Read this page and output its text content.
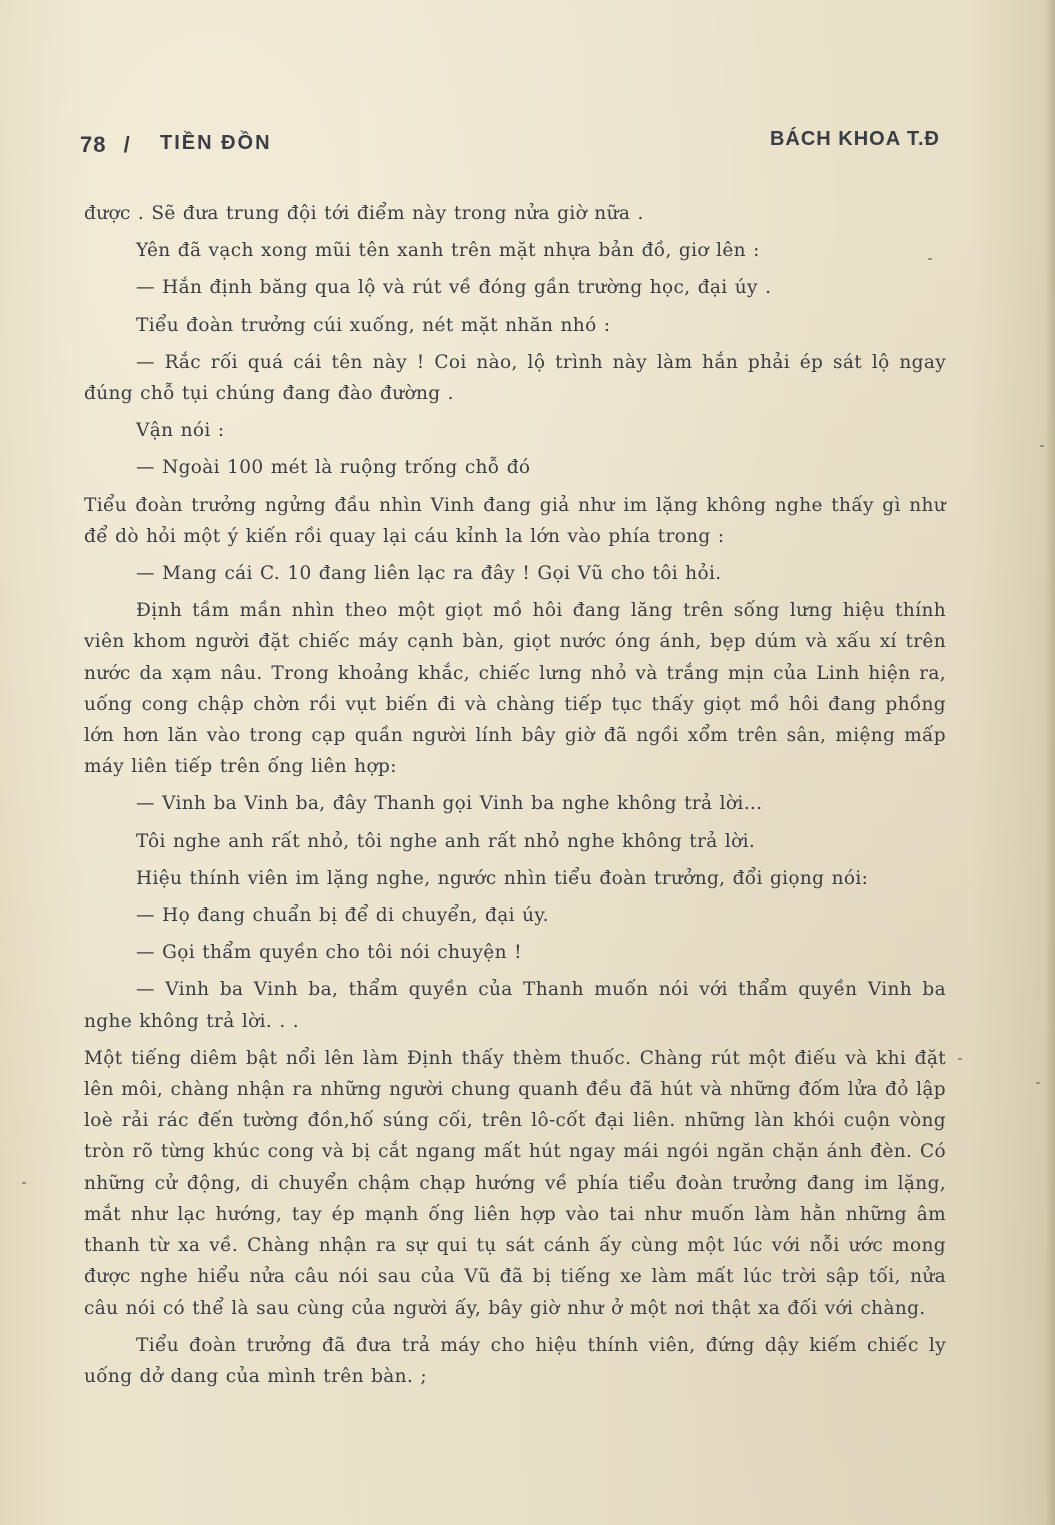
78 / TIỀN ĐỒN	BÁCH KHOA T.Đ

được . Sẽ đưa trung đội tới điểm này trong nửa giờ nữa .

Yên đã vạch xong mũi tên xanh trên mặt nhựa bản đồ, giơ lên :

— Hắn định băng qua lộ và rút về đóng gần trường học, đại úy .

Tiểu đoàn trưởng cúi xuống, nét mặt nhăn nhó :

— Rắc rối quá cái tên này ! Coi nào, lộ trình này làm hắn phải ép sát lộ ngay đúng chỗ tụi chúng đang đào đường .

Vận nói :

— Ngoài 100 mét là ruộng trống chỗ đó

Tiểu đoàn trưởng ngửng đầu nhìn Vinh đang giả như im lặng không nghe thấy gì như để dò hỏi một ý kiến rồi quay lại cáu kỉnh la lớn vào phía trong :

— Mang cái C. 10 đang liên lạc ra đây ! Gọi Vũ cho tôi hỏi.

Định tầm mần nhìn theo một giọt mồ hôi đang lăng trên sống lưng hiệu thính viên khom người đặt chiếc máy cạnh bàn, giọt nước óng ánh, bẹp dúm và xấu xí trên nước da xạm nâu. Trong khoảng khắc, chiếc lưng nhỏ và trắng mịn của Linh hiện ra, uống cong chập chờn rồi vụt biến đi và chàng tiếp tục thấy giọt mồ hôi đang phồng lớn hơn lăn vào trong cạp quần người lính bây giờ đã ngồi xổm trên sân, miệng mấp máy liên tiếp trên ống liên hợp:

— Vinh ba Vinh ba, đây Thanh gọi Vinh ba nghe không trả lời...

Tôi nghe anh rất nhỏ, tôi nghe anh rất nhỏ nghe không trả lời.

Hiệu thính viên im lặng nghe, ngước nhìn tiểu đoàn trưởng, đổi giọng nói:

— Họ đang chuẩn bị để di chuyển, đại úy.

— Gọi thẩm quyền cho tôi nói chuyện !

— Vinh ba Vinh ba, thẩm quyền của Thanh muốn nói với thẩm quyền Vinh ba nghe không trả lời. . .

Một tiếng diêm bật nổi lên làm Định thấy thèm thuốc. Chàng rút một điếu và khi đặt lên môi, chàng nhận ra những người chung quanh đều đã hút và những đốm lửa đỏ lập loè rải rác đến tường đồn,hố súng cối, trên lô-cốt đại liên. những làn khói cuộn vòng tròn rõ từng khúc cong và bị cắt ngang mất hút ngay mái ngói ngăn chặn ánh đèn. Có những cử động, di chuyển chậm chạp hướng về phía tiểu đoàn trưởng đang im lặng, mắt như lạc hướng, tay ép mạnh ống liên hợp vào tai như muốn làm hằn những âm thanh từ xa về. Chàng nhận ra sự qui tụ sát cánh ấy cùng một lúc với nỗi ước mong được nghe hiểu nửa câu nói sau của Vũ đã bị tiếng xe làm mất lúc trời sập tối, nửa câu nói có thể là sau cùng của người ấy, bây giờ như ở một nơi thật xa đối với chàng.

Tiểu đoàn trưởng đã đưa trả máy cho hiệu thính viên, đứng dậy kiếm chiếc ly uống dở dang của mình trên bàn. ;
